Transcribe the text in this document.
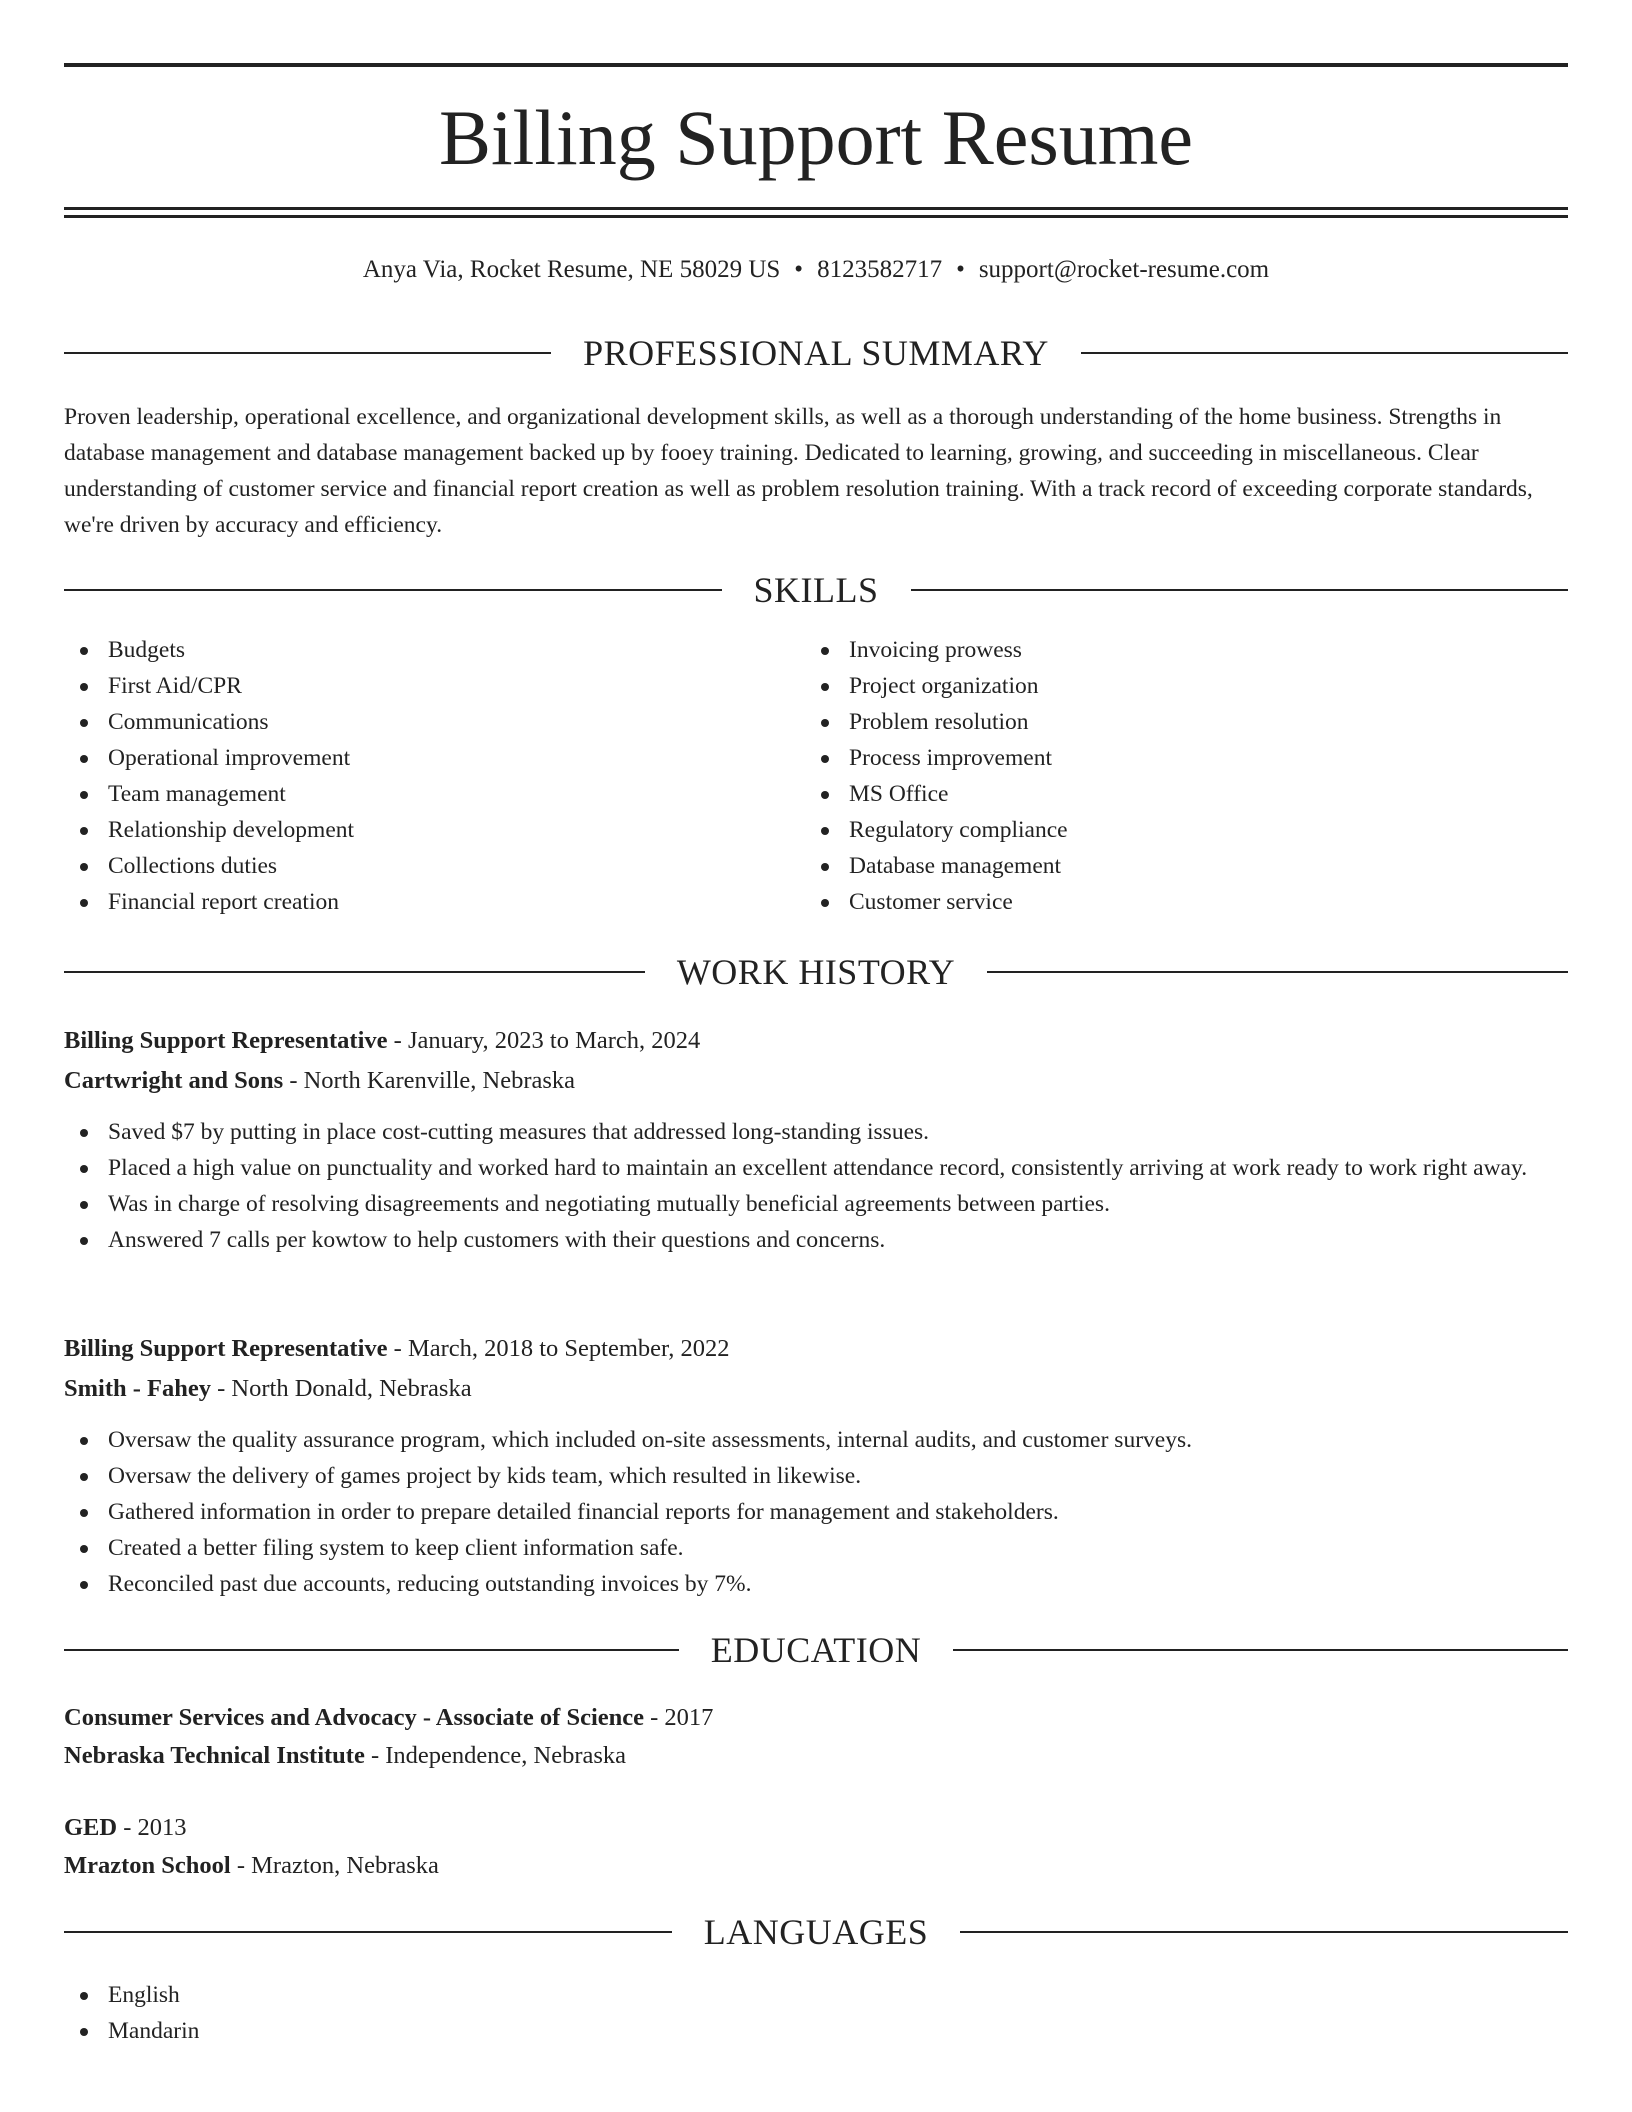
Billing Support Resume
Anya Via, Rocket Resume, NE 58029 US • 8123582717 • support@rocket-resume.com
PROFESSIONAL SUMMARY
Proven leadership, operational excellence, and organizational development skills, as well as a thorough understanding of the home business. Strengths in database management and database management backed up by fooey training. Dedicated to learning, growing, and succeeding in miscellaneous. Clear understanding of customer service and financial report creation as well as problem resolution training. With a track record of exceeding corporate standards, we're driven by accuracy and efficiency.
SKILLS
Budgets
First Aid/CPR
Communications
Operational improvement
Team management
Relationship development
Collections duties
Financial report creation
Invoicing prowess
Project organization
Problem resolution
Process improvement
MS Office
Regulatory compliance
Database management
Customer service
WORK HISTORY
Billing Support Representative - January, 2023 to March, 2024
Cartwright and Sons - North Karenville, Nebraska
Saved $7 by putting in place cost-cutting measures that addressed long-standing issues.
Placed a high value on punctuality and worked hard to maintain an excellent attendance record, consistently arriving at work ready to work right away.
Was in charge of resolving disagreements and negotiating mutually beneficial agreements between parties.
Answered 7 calls per kowtow to help customers with their questions and concerns.
Billing Support Representative - March, 2018 to September, 2022
Smith - Fahey - North Donald, Nebraska
Oversaw the quality assurance program, which included on-site assessments, internal audits, and customer surveys.
Oversaw the delivery of games project by kids team, which resulted in likewise.
Gathered information in order to prepare detailed financial reports for management and stakeholders.
Created a better filing system to keep client information safe.
Reconciled past due accounts, reducing outstanding invoices by 7%.
EDUCATION
Consumer Services and Advocacy - Associate of Science - 2017
Nebraska Technical Institute - Independence, Nebraska
GED - 2013
Mrazton School - Mrazton, Nebraska
LANGUAGES
English
Mandarin
